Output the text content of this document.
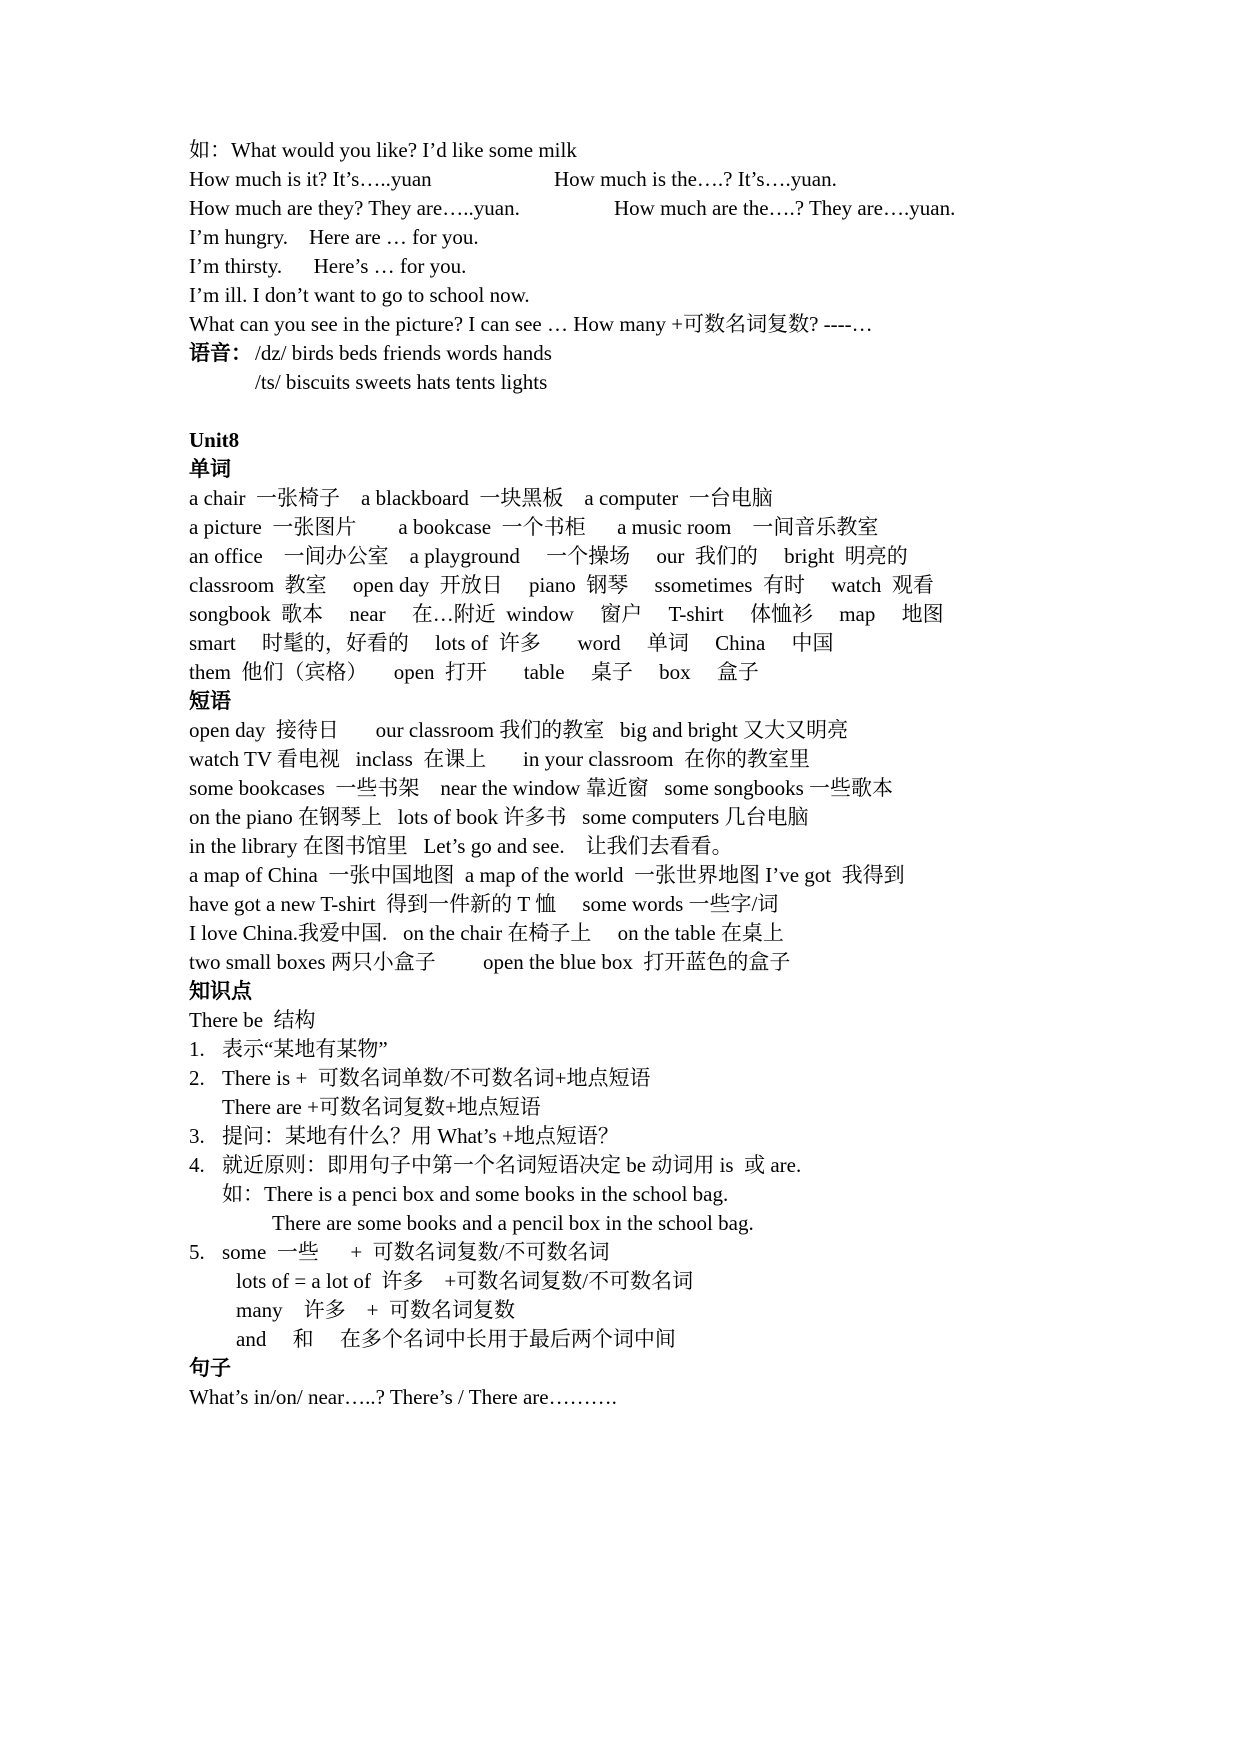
如：What would you like? I’d like some milk

How much is it? It’s…..yuan

	How much is the….? It’s….yuan.

How much are they? They are…..yuan.

	How much are the….? They are….yuan.

I’m hungry.    Here are … for you.
I’m thirsty.      Here’s … for you.
I’m ill. I don’t want to go to school now.
What can you see in the picture? I can see … How many +可数名词复数? ----…

语音：

/dz/ birds beds friends words hands

/ts/ biscuits sweets hats tents lights
Unit8
单词
a chair  一张椅子    a blackboard  一块黑板    a computer  一台电脑
a picture  一张图片        a bookcase  一个书柜      a music room    一间音乐教室
an office    一间办公室    a playground     一个操场     our  我们的     bright  明亮的
classroom  教室     open day  开放日     piano  钢琴     ssometimes  有时     watch  观看
songbook  歌本     near     在…附近  window     窗户     T-shirt     体恤衫     map     地图
smart     时髦的，好看的     lots of  许多       word     单词     China     中国
them  他们（宾格）     open  打开       table     桌子     box     盒子
短语
open day  接待日       our classroom 我们的教室   big and bright 又大又明亮
watch TV 看电视   inclass  在课上       in your classroom  在你的教室里
some bookcases  一些书架    near the window 靠近窗   some songbooks 一些歌本
on the piano 在钢琴上   lots of book 许多书   some computers 几台电脑
in the library 在图书馆里   Let’s go and see.    让我们去看看。
a map of China  一张中国地图  a map of the world  一张世界地图 I’ve got  我得到
have got a new T-shirt  得到一件新的 T 恤     some words 一些字/词
I love China.我爱中国.   on the chair 在椅子上     on the table 在桌上
two small boxes 两只小盒子         open the blue box  打开蓝色的盒子
知识点
There be  结构

1.

表示“某地有某物”

2.

There is +  可数名词单数/不可数名词+地点短语

There are +可数名词复数+地点短语

3.

提问：某地有什么？用 What’s +地点短语？

4.

就近原则：即用句子中第一个名词短语决定 be 动词用 is  或 are.

如：There is a penci box and some books in the school bag.
There are some books and a pencil box in the school bag.

5.

some  一些      +  可数名词复数/不可数名词

lots of = a lot of  许多    +可数名词复数/不可数名词
many    许多    +  可数名词复数
and     和     在多个名词中长用于最后两个词中间
句子
What’s in/on/ near…..? There’s / There are……….
